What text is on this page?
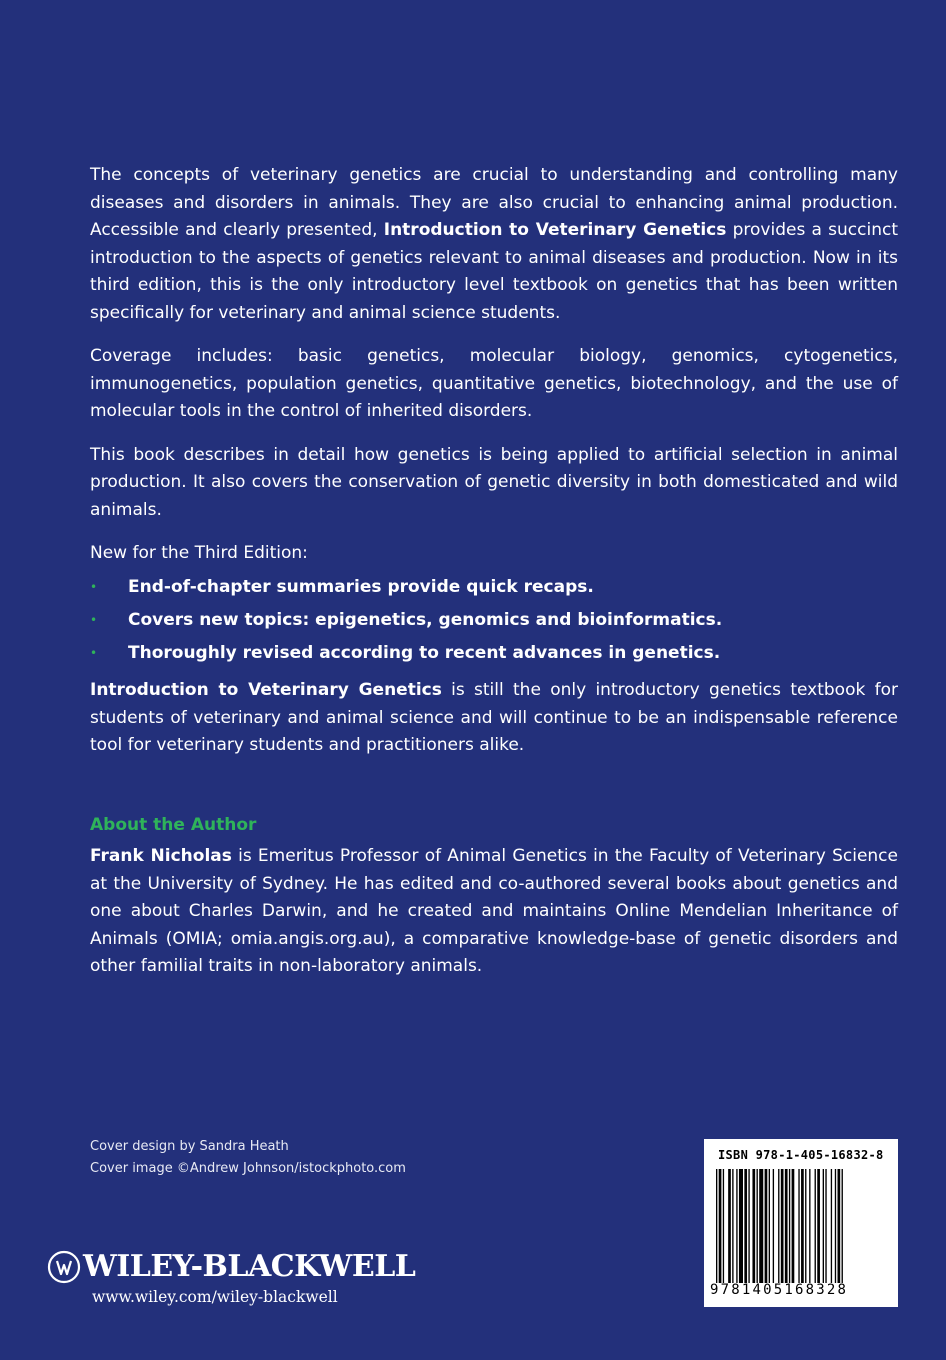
The concepts of veterinary genetics are crucial to understanding and controlling many diseases and disorders in animals. They are also crucial to enhancing animal production. Accessible and clearly presented, Introduction to Veterinary Genetics provides a succinct introduction to the aspects of genetics relevant to animal diseases and production. Now in its third edition, this is the only introductory level textbook on genetics that has been written specifically for veterinary and animal science students.

Coverage includes: basic genetics, molecular biology, genomics, cytogenetics, immunogenetics, population genetics, quantitative genetics, biotechnology, and the use of molecular tools in the control of inherited disorders.

This book describes in detail how genetics is being applied to artificial selection in animal production. It also covers the conservation of genetic diversity in both domesticated and wild animals.

New for the Third Edition:

• End-of-chapter summaries provide quick recaps.
• Covers new topics: epigenetics, genomics and bioinformatics.
• Thoroughly revised according to recent advances in genetics.

Introduction to Veterinary Genetics is still the only introductory genetics textbook for students of veterinary and animal science and will continue to be an indispensable reference tool for veterinary students and practitioners alike.

About the Author

Frank Nicholas is Emeritus Professor of Animal Genetics in the Faculty of Veterinary Science at the University of Sydney. He has edited and co-authored several books about genetics and one about Charles Darwin, and he created and maintains Online Mendelian Inheritance of Animals (OMIA; omia.angis.org.au), a comparative knowledge-base of genetic disorders and other familial traits in non-laboratory animals.

Cover design by Sandra Heath
Cover image ©Andrew Johnson/istockphoto.com
WILEY-BLACKWELL
www.wiley.com/wiley-blackwell
ISBN 978-1-405-16832-8
9781405168328
